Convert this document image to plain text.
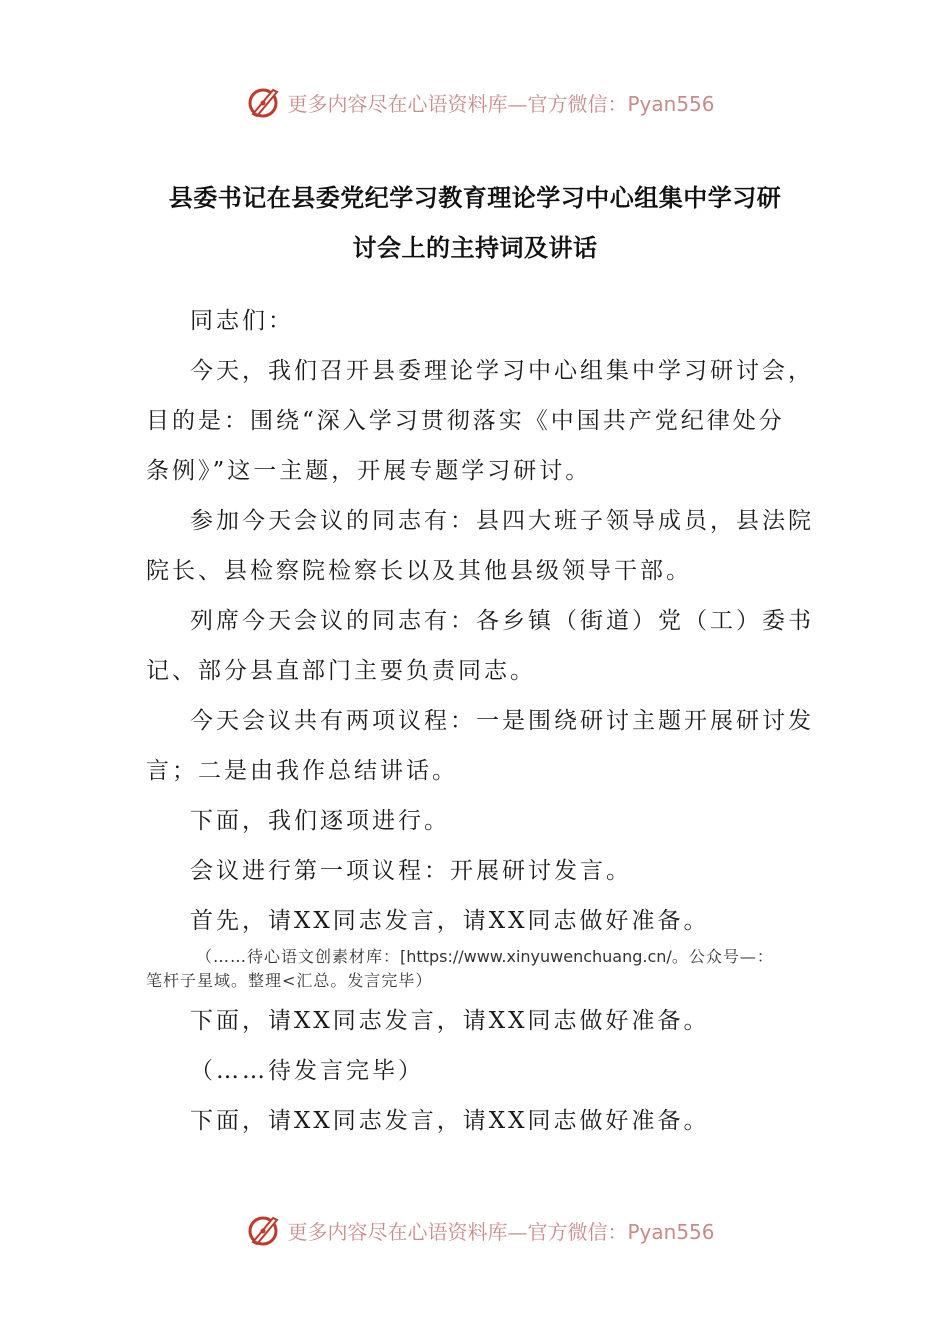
更多内容尽在心语资料库—官方微信：Pyan556
县委书记在县委党纪学习教育理论学习中心组集中学习研
讨会上的主持词及讲话
同志们：
今天，我们召开县委理论学习中心组集中学习研讨会，
目的是：围绕“深入学习贯彻落实《中国共产党纪律处分
条例》”这一主题，开展专题学习研讨。
参加今天会议的同志有：县四大班子领导成员，县法院
院长、县检察院检察长以及其他县级领导干部。
列席今天会议的同志有：各乡镇（街道）党（工）委书
记、部分县直部门主要负责同志。
今天会议共有两项议程：一是围绕研讨主题开展研讨发
言；二是由我作总结讲话。
下面，我们逐项进行。
会议进行第一项议程：开展研讨发言。
首先，请XX同志发言，请XX同志做好准备。
（……待心语文创素材库：[https://www.xinyuwenchuang.cn/。公众号—：
笔杆子星域。整理<汇总。发言完毕）
下面，请XX同志发言，请XX同志做好准备。
（……待发言完毕）
下面，请XX同志发言，请XX同志做好准备。
更多内容尽在心语资料库—官方微信：Pyan556
